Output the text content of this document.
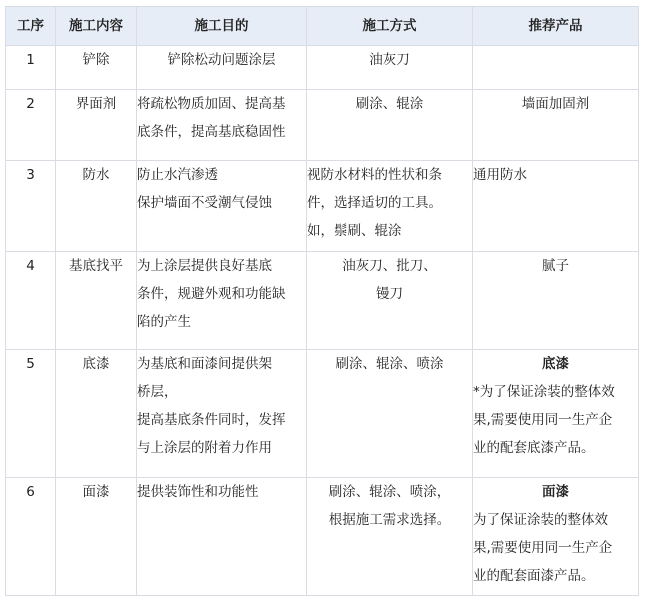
工序	施工内容	施工目的	施工方式	推荐产品
1	铲除	铲除松动问题涂层	油灰刀	

2	界面剂	将疏松物质加固、提高基
底条件，提高基底稳固性	刷涂、辊涂	墙面加固剂

3	防水	防止水汽渗透
保护墙面不受潮气侵蚀	视防水材料的性状和条
件，选择适切的工具。
如，鬃刷、辊涂	通用防水

4	基底找平	为上涂层提供良好基底
条件，规避外观和功能缺
陷的产生	油灰刀、批刀、
镘刀	腻子

5	底漆	为基底和面漆间提供架
桥层，
提高基底条件同时，发挥
与上涂层的附着力作用	刷涂、辊涂、喷涂	底漆
*为了保证涂装的整体效
果,需要使用同一生产企
业的配套底漆产品。

6	面漆	提供装饰性和功能性	刷涂、辊涂、喷涂，
根据施工需求选择。	面漆
为了保证涂装的整体效
果,需要使用同一生产企
业的配套面漆产品。
